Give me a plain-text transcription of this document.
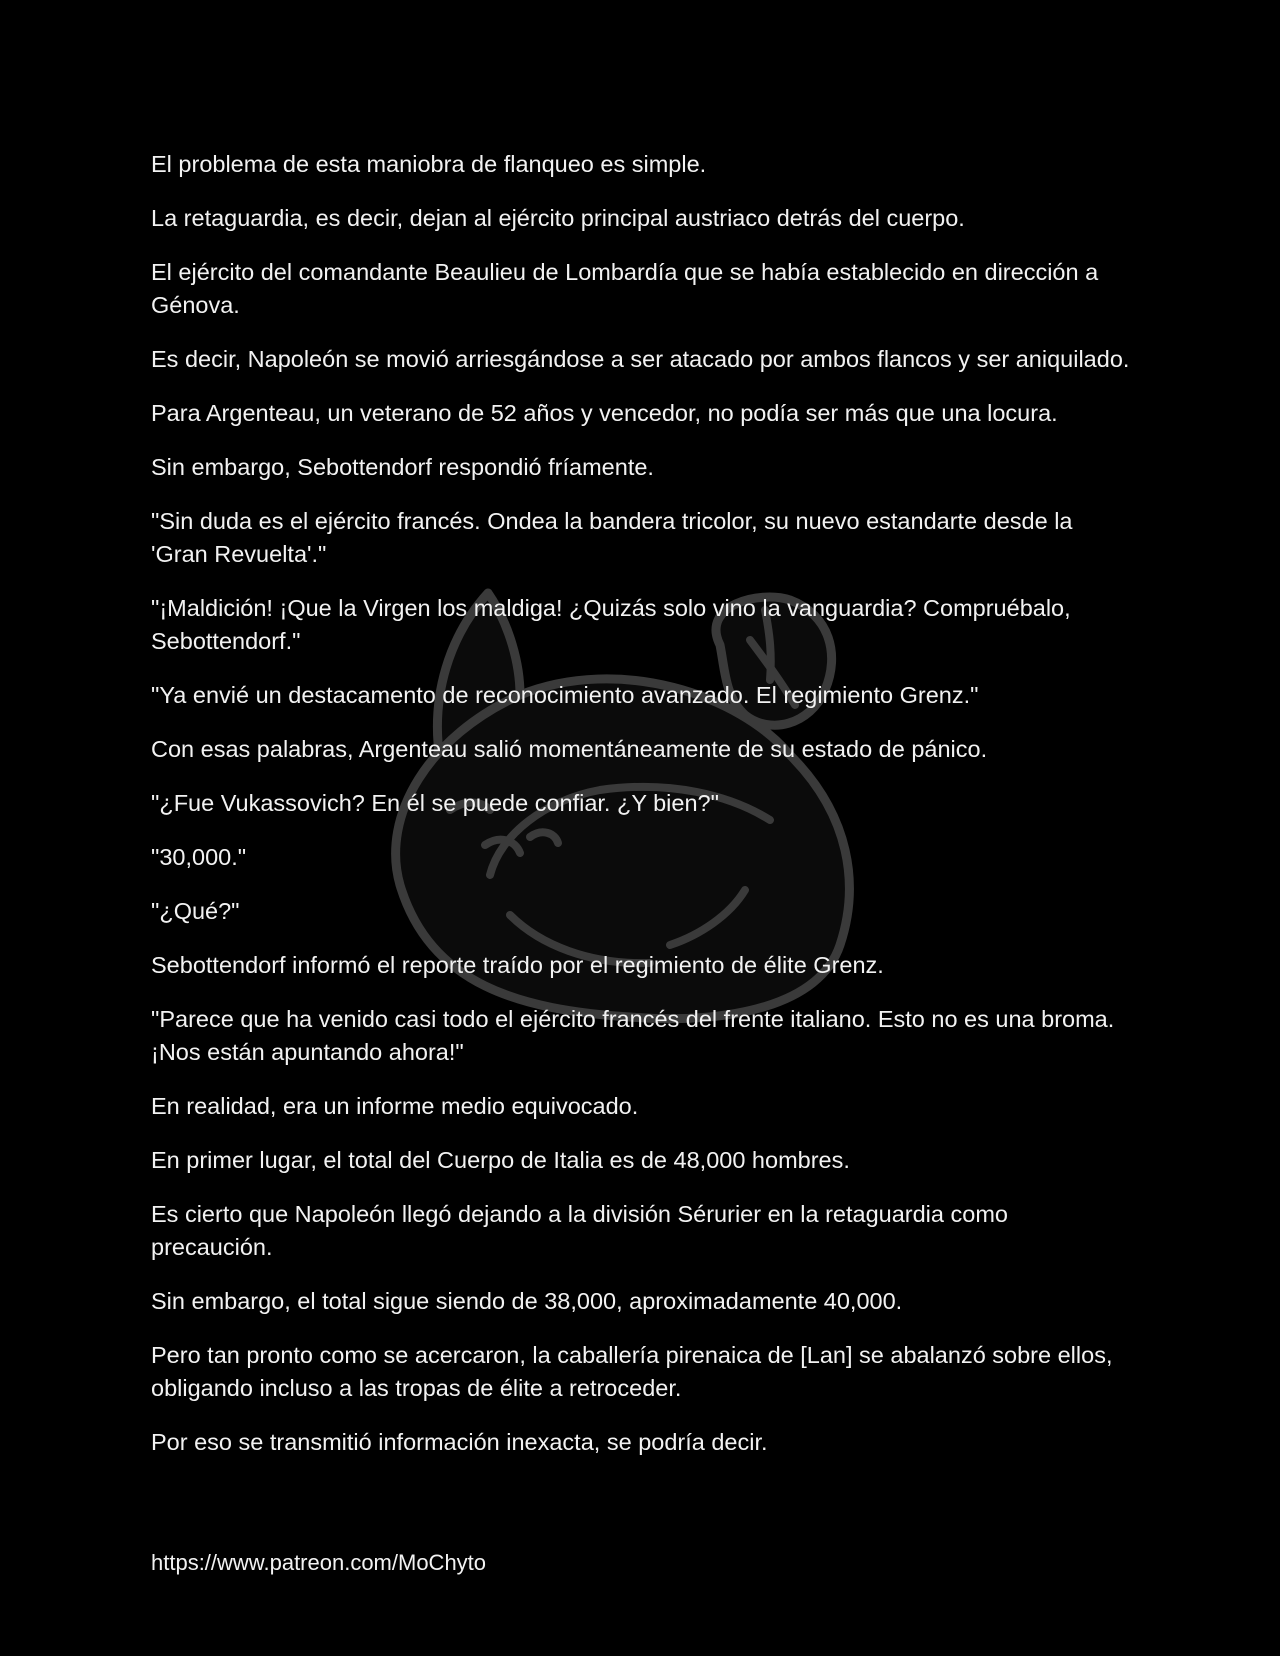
El problema de esta maniobra de flanqueo es simple.

La retaguardia, es decir, dejan al ejército principal austriaco detrás del cuerpo.

El ejército del comandante Beaulieu de Lombardía que se había establecido en dirección a Génova.

Es decir, Napoleón se movió arriesgándose a ser atacado por ambos flancos y ser aniquilado.

Para Argenteau, un veterano de 52 años y vencedor, no podía ser más que una locura.

Sin embargo, Sebottendorf respondió fríamente.

"Sin duda es el ejército francés. Ondea la bandera tricolor, su nuevo estandarte desde la 'Gran Revuelta'."

"¡Maldición! ¡Que la Virgen los maldiga! ¿Quizás solo vino la vanguardia? Compruébalo, Sebottendorf."

"Ya envié un destacamento de reconocimiento avanzado. El regimiento Grenz."

Con esas palabras, Argenteau salió momentáneamente de su estado de pánico.

"¿Fue Vukassovich? En él se puede confiar. ¿Y bien?"

"30,000."

"¿Qué?"

Sebottendorf informó el reporte traído por el regimiento de élite Grenz.

"Parece que ha venido casi todo el ejército francés del frente italiano. Esto no es una broma. ¡Nos están apuntando ahora!"

En realidad, era un informe medio equivocado.

En primer lugar, el total del Cuerpo de Italia es de 48,000 hombres.

Es cierto que Napoleón llegó dejando a la división Sérurier en la retaguardia como precaución.

Sin embargo, el total sigue siendo de 38,000, aproximadamente 40,000.

Pero tan pronto como se acercaron, la caballería pirenaica de [Lan] se abalanzó sobre ellos, obligando incluso a las tropas de élite a retroceder.

Por eso se transmitió información inexacta, se podría decir.

https://www.patreon.com/MoChyto
